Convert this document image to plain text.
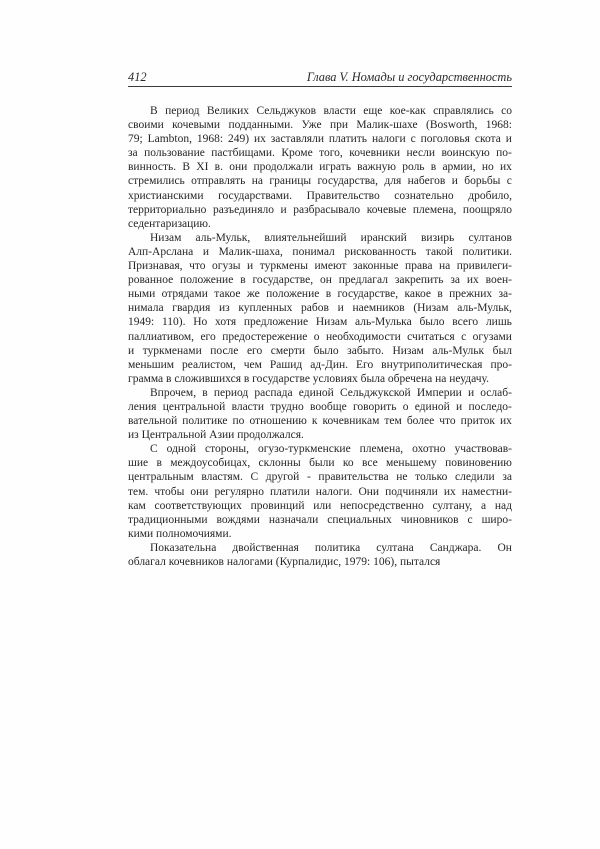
412	Глава V. Номады и государственность
В период Великих Сельджуков власти еще кое-как справлялись со
своими кочевыми подданными. Уже при Малик-шахе (Bosworth, 1968:
79; Lambton, 1968: 249) их заставляли платить налоги с поголовья скота и
за пользование пастбищами. Кроме того, кочевники несли воинскую по-
винность. В XI в. они продолжали играть важную роль в армии, но их
стремились отправлять на границы государства, для набегов и борьбы с
христианскими государствами. Правительство сознательно дробило,
территориально разъединяло и разбрасывало кочевые племена, поощряло
седентаризацию.
Низам аль-Мульк, влиятельнейший иранский визирь султанов
Алп-Арслана и Малик-шаха, понимал рискованность такой политики.
Признавая, что огузы и туркмены имеют законные права на привилеги-
рованное положение в государстве, он предлагал закрепить за их воен-
ными отрядами такое же положение в государстве, какое в прежних за-
нимала гвардия из купленных рабов и наемников (Низам аль-Мульк,
1949: 110). Но хотя предложение Низам аль-Мулька было всего лишь
паллиативом, его предостережение о необходимости считаться с огузами
и туркменами после его смерти было забыто. Низам аль-Мульк был
меньшим реалистом, чем Рашид ад-Дин. Его внутриполитическая про-
грамма в сложившихся в государстве условиях была обречена на неудачу.
Впрочем, в период распада единой Сельджукской Империи и ослаб-
ления центральной власти трудно вообще говорить о единой и последо-
вательной политике по отношению к кочевникам тем более что приток их
из Центральной Азии продолжался.
С одной стороны, огузо-туркменские племена, охотно участвовав-
шие в междоусобицах, склонны были ко все меньшему повиновению
центральным властям. С другой - правительства не только следили за
тем. чтобы они регулярно платили налоги. Они подчиняли их наместни-
кам соответствующих провинций или непосредственно султану, а над
традиционными вождями назначали специальных чиновников с широ-
кими полномочиями.
Показательна двойственная политика султана Санджара. Он
облагал кочевников налогами (Курпалидис, 1979: 106), пытался
